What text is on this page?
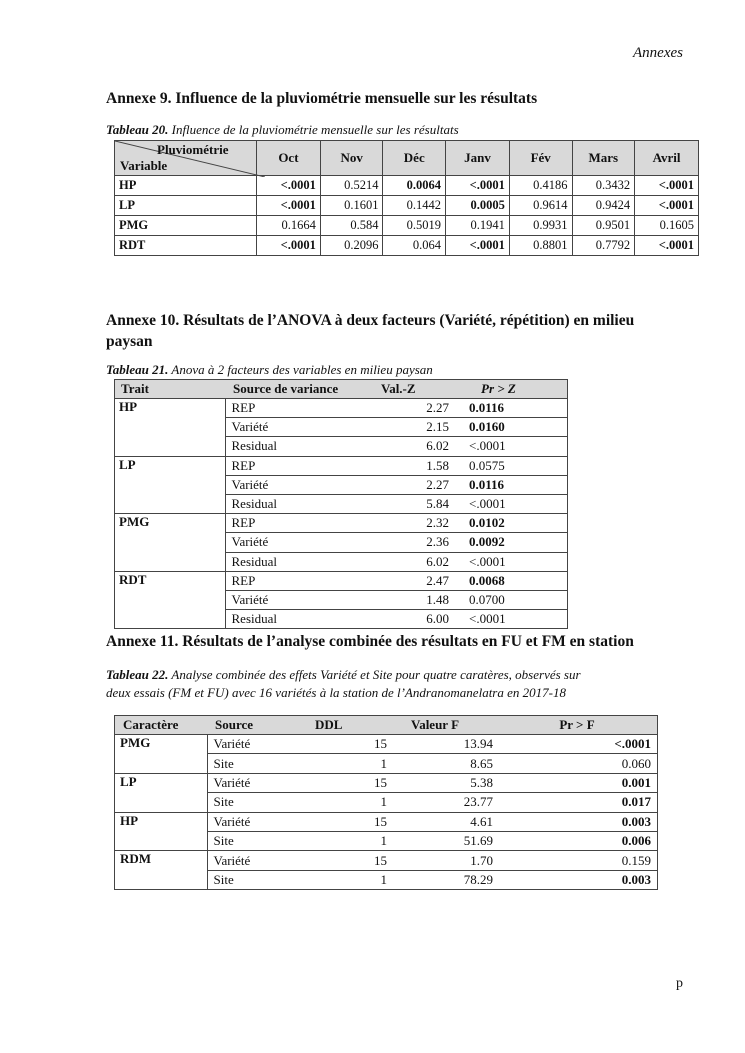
Annexes
Annexe 9. Influence de la pluviométrie mensuelle sur les résultats
Tableau 20. Influence de la pluviométrie mensuelle sur les résultats
Pluviométrie
Variable	Oct	Nov	Déc	Janv	Fév	Mars	Avril
HP	<.0001	0.5214	0.0064	<.0001	0.4186	0.3432	<.0001
LP	<.0001	0.1601	0.1442	0.0005	0.9614	0.9424	<.0001
PMG	0.1664	0.584	0.5019	0.1941	0.9931	0.9501	0.1605
RDT	<.0001	0.2096	0.064	<.0001	0.8801	0.7792	<.0001
Annexe 10. Résultats de l’ANOVA à deux facteurs (Variété, répétition) en milieu
paysan
Tableau 21. Anova à 2 facteurs des variables en milieu paysan
Trait	Source de variance	Val.-Z	Pr > Z
HP	REP	2.27	0.0116
	Variété	2.15	0.0160
	Residual	6.02	<.0001
LP	REP	1.58	0.0575
	Variété	2.27	0.0116
	Residual	5.84	<.0001
PMG	REP	2.32	0.0102
	Variété	2.36	0.0092
	Residual	6.02	<.0001
RDT	REP	2.47	0.0068
	Variété	1.48	0.0700
	Residual	6.00	<.0001
Annexe 11. Résultats de l’analyse combinée des résultats en FU et FM en station
Tableau 22. Analyse combinée des effets Variété et Site pour quatre caratères, observés sur
deux essais (FM et FU) avec 16 variétés à la station de l’Andranomanelatra en 2017-18
Caractère	Source	DDL	Valeur F	Pr > F
PMG	Variété	15	13.94	<.0001
	Site	1	8.65	0.060
LP	Variété	15	5.38	0.001
	Site	1	23.77	0.017
HP	Variété	15	4.61	0.003
	Site	1	51.69	0.006
RDM	Variété	15	1.70	0.159
	Site	1	78.29	0.003
p
